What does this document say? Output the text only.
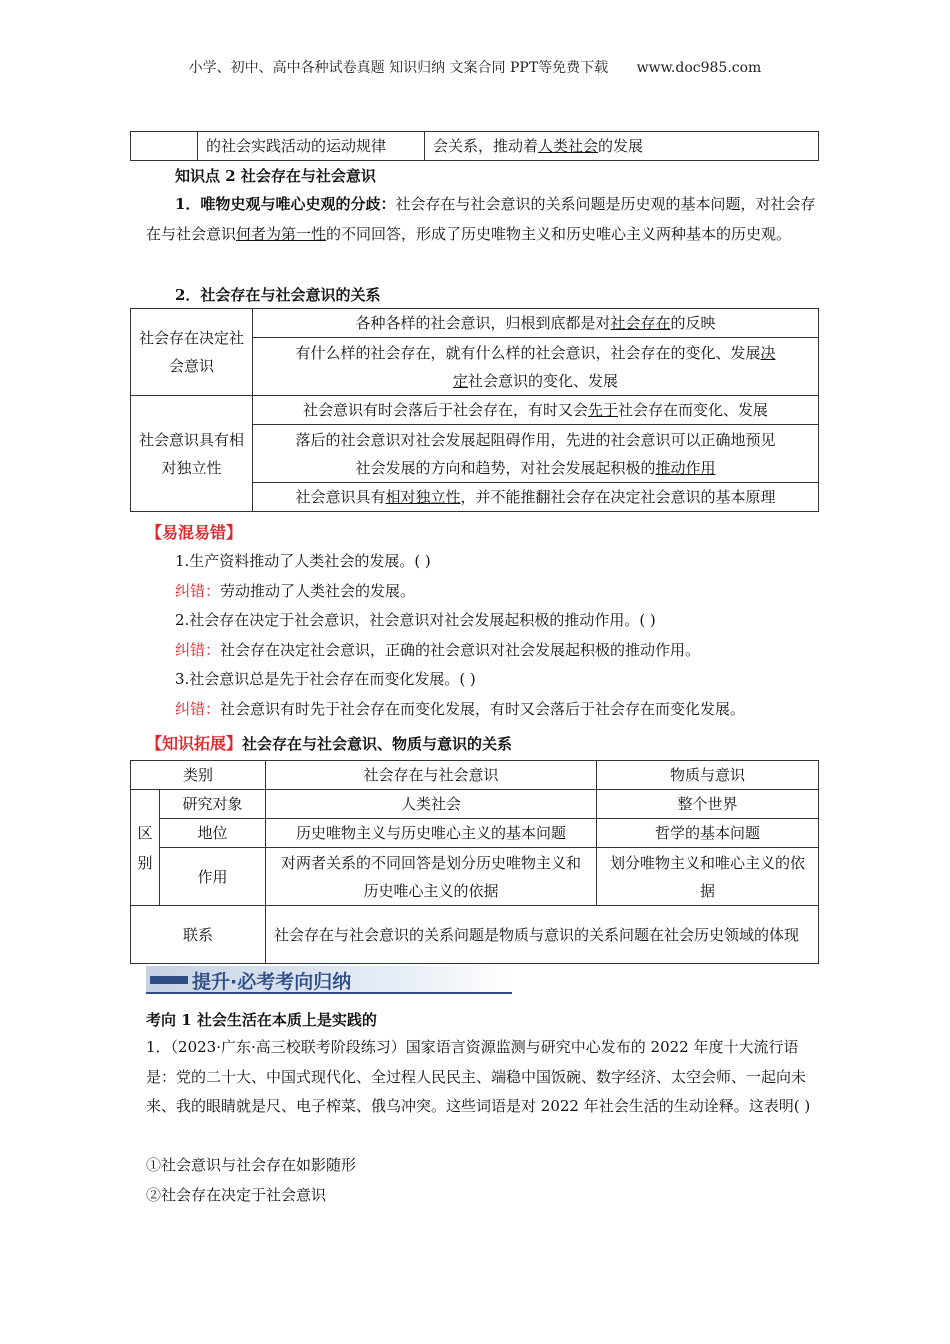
小学、初中、高中各种试卷真题 知识归纳 文案合同 PPT等免费下载 www.doc985.com
	的社会实践活动的运动规律	会关系，推动着人类社会的发展
知识点 2 社会存在与社会意识
1．唯物史观与唯心史观的分歧：社会存在与社会意识的关系问题是历史观的基本问题，对社会存在与社会意识何者为第一性的不同回答，形成了历史唯物主义和历史唯心主义两种基本的历史观。
2．社会存在与社会意识的关系
社会存在决定社会意识	各种各样的社会意识，归根到底都是对社会存在的反映
	有什么样的社会存在，就有什么样的社会意识，社会存在的变化、发展决
定社会意识的变化、发展
社会意识具有相对独立性	社会意识有时会落后于社会存在，有时又会先于社会存在而变化、发展
	落后的社会意识对社会发展起阻碍作用，先进的社会意识可以正确地预见
社会发展的方向和趋势，对社会发展起积极的推动作用
	社会意识具有相对独立性，并不能推翻社会存在决定社会意识的基本原理
【易混易错】
1.生产资料推动了人类社会的发展。( )
纠错：劳动推动了人类社会的发展。
2.社会存在决定于社会意识，社会意识对社会发展起积极的推动作用。( )
纠错：社会存在决定社会意识，正确的社会意识对社会发展起积极的推动作用。
3.社会意识总是先于社会存在而变化发展。( )
纠错：社会意识有时先于社会存在而变化发展，有时又会落后于社会存在而变化发展。
【知识拓展】社会存在与社会意识、物质与意识的关系
类别		社会存在与社会意识	物质与意识
区
别	研究对象	人类社会	整个世界
	地位	历史唯物主义与历史唯心主义的基本问题	哲学的基本问题
	作用	对两者关系的不同回答是划分历史唯物主义和历史唯心主义的依据	划分唯物主义和唯心主义的依据
联系		社会存在与社会意识的关系问题是物质与意识的关系问题在社会历史领域的体现	
提升·必考考向归纳
考向 1 社会生活在本质上是实践的
1．（2023·广东·高三校联考阶段练习）国家语言资源监测与研究中心发布的 2022 年度十大流行语是：党的二十大、中国式现代化、全过程人民民主、端稳中国饭碗、数字经济、太空会师、一起向未来、我的眼睛就是尺、电子榨菜、俄乌冲突。这些词语是对 2022 年社会生活的生动诠释。这表明( )
①社会意识与社会存在如影随形
②社会存在决定于社会意识
